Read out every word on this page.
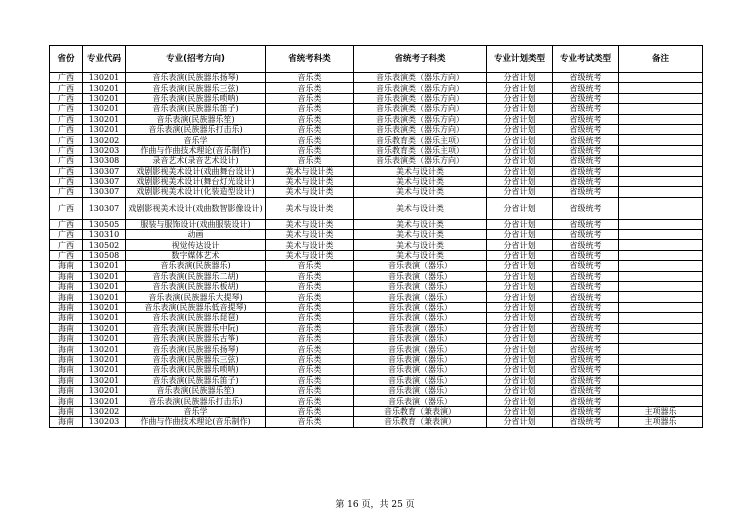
省份	专业代码	专业(招考方向)	省统考科类	省统考子科类	专业计划类型	专业考试类型	备注
广西	130201	音乐表演(民族器乐扬琴)	音乐类	音乐表演类（器乐方向）	分省计划	省级统考	
广西	130201	音乐表演(民族器乐三弦)	音乐类	音乐表演类（器乐方向）	分省计划	省级统考	
广西	130201	音乐表演(民族器乐唢呐)	音乐类	音乐表演类（器乐方向）	分省计划	省级统考	
广西	130201	音乐表演(民族器乐笛子)	音乐类	音乐表演类（器乐方向）	分省计划	省级统考	
广西	130201	音乐表演(民族器乐笙)	音乐类	音乐表演类（器乐方向）	分省计划	省级统考	
广西	130201	音乐表演(民族器乐打击乐)	音乐类	音乐表演类（器乐方向）	分省计划	省级统考	
广西	130202	音乐学	音乐类	音乐教育类（器乐主项）	分省计划	省级统考	
广西	130203	作曲与作曲技术理论(音乐制作)	音乐类	音乐教育类（器乐主项）	分省计划	省级统考	
广西	130308	录音艺术(录音艺术设计)	音乐类	音乐表演类（器乐方向）	分省计划	省级统考	
广西	130307	戏剧影视美术设计(戏曲舞台设计)	美术与设计类	美术与设计类	分省计划	省级统考	
广西	130307	戏剧影视美术设计(舞台灯光设计)	美术与设计类	美术与设计类	分省计划	省级统考	
广西	130307	戏剧影视美术设计(化装造型设计)	美术与设计类	美术与设计类	分省计划	省级统考	
广西	130307	戏剧影视美术设计(戏曲数智影像设计)	美术与设计类	美术与设计类	分省计划	省级统考	
广西	130505	服装与服饰设计(戏曲服装设计)	美术与设计类	美术与设计类	分省计划	省级统考	
广西	130310	动画	美术与设计类	美术与设计类	分省计划	省级统考	
广西	130502	视觉传达设计	美术与设计类	美术与设计类	分省计划	省级统考	
广西	130508	数字媒体艺术	美术与设计类	美术与设计类	分省计划	省级统考	
海南	130201	音乐表演(民族器乐)	音乐类	音乐表演（器乐）	分省计划	省级统考	
海南	130201	音乐表演(民族器乐二胡)	音乐类	音乐表演（器乐）	分省计划	省级统考	
海南	130201	音乐表演(民族器乐板胡)	音乐类	音乐表演（器乐）	分省计划	省级统考	
海南	130201	音乐表演(民族器乐大提琴)	音乐类	音乐表演（器乐）	分省计划	省级统考	
海南	130201	音乐表演(民族器乐低音提琴)	音乐类	音乐表演（器乐）	分省计划	省级统考	
海南	130201	音乐表演(民族器乐琵琶)	音乐类	音乐表演（器乐）	分省计划	省级统考	
海南	130201	音乐表演(民族器乐中阮)	音乐类	音乐表演（器乐）	分省计划	省级统考	
海南	130201	音乐表演(民族器乐古筝)	音乐类	音乐表演（器乐）	分省计划	省级统考	
海南	130201	音乐表演(民族器乐扬琴)	音乐类	音乐表演（器乐）	分省计划	省级统考	
海南	130201	音乐表演(民族器乐三弦)	音乐类	音乐表演（器乐）	分省计划	省级统考	
海南	130201	音乐表演(民族器乐唢呐)	音乐类	音乐表演（器乐）	分省计划	省级统考	
海南	130201	音乐表演(民族器乐笛子)	音乐类	音乐表演（器乐）	分省计划	省级统考	
海南	130201	音乐表演(民族器乐笙)	音乐类	音乐表演（器乐）	分省计划	省级统考	
海南	130201	音乐表演(民族器乐打击乐)	音乐类	音乐表演（器乐）	分省计划	省级统考	
海南	130202	音乐学	音乐类	音乐教育（兼表演）	分省计划	省级统考	主项器乐
海南	130203	作曲与作曲技术理论(音乐制作)	音乐类	音乐教育（兼表演）	分省计划	省级统考	主项器乐
第 16 页，共 25 页
